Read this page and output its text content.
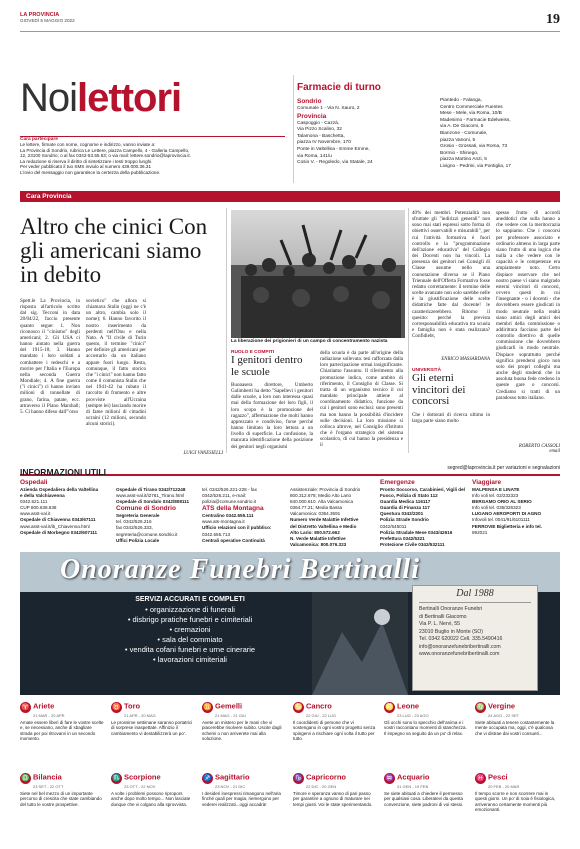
LA PROVINCIA
GIOVEDÌ 5 MAGGIO 2022	19
Noilettori
Cara partecipare
Le lettere, firmate con nome, cognome e indirizzo, vanno inviate a:
La Provincia di Sondrio, rubrica Le Lettere, piazza Campello, 4 - Galleria Campello,
12, 23100 Sondrio; o al fax 0342-53.55.53; o via mail: lettere.sondrio@laprovincia.it.
La redazione si riserva il diritto di sintetizzare i testi troppo lunghi.
Per veder pubblicato il tuo SMS inviulo al numero 439.000.36.31
L'invio del messaggio non garantisce la certezza della pubblicazione.
Farmacie di turno
Sondrio
Comunale 1 - Via N. Sauro, 2
Provincia
Caspoggio - Cazzà,
Via Pizzo Scalino, 32
Talamona - Baschetta,
piazza IV Novembre, 170
Ponte in Valtellina - Emme Emme,
via Roma, 141/u
Cosio V. - Regoledo, via Statale, 24
Piantedo - Falanga,
Centro Commerciale Fuentes
Mese - Mele, via Roma, 10/B
Madesimo - Farmacie Edelweiss,
via A. De Giacomi, 5
Bianzone - Comunale,
piazza Vanoni, 5
Grosio - Grossati, via Roma, 73
Bormio - Shinego,
piazza Martino Anzi, 5
Livigno - Pedrini, via Pontiglia, 17
Cara Provincia
Altro che cinici Con gli americani siamo in debito
Spett.le La Provincia, in risposta all'articolo scritto dal sig. Tecconi in data 28/04/22, faccio presente quanto segue: 1. Non riconosco il "cinismo" degli americani; 2. Gli USA ci hanno aiutato nella guerra del 1915-18; 3. Hanno mandato i loro soldati a combattere i tedeschi e a morire per l'Italia e l'Europa nella seconda Guerra Mondiale; 4. A fine guerra ("i cinici") ci hanno inviato milioni di tonnellate di grano, farina, patate, ecc. attraverso il Piano Marshall; 5. Ci hanno difeso dall'"orso
sovietico" che allora si chiamava Stalin (oggi ne c'è un altro, cambia solo il nome); 6. Hanno favorito il nostro inserimento da perdenti nell'Onu e nella Nato. A "Il civile di Turin questo, il termine "cinici" per definire gli americani per accostarlo da un italiano appare fuori luogo. Resta, comunque, il fatto storico che "i cinici" non hanno fatto come il comunista Stalin che nel 1941-42 ha rubato il raccolto di frumento e altre provviste all'Ucraina (sempre lei) lasciando morire di fame milioni di cittadini ucraini (12 milioni, secondo alcuni storici).
LUIGI VANESIELLI
La liberazione dei prigionieri di un campo di concentramento nazista
RUOLO E COMPITI
I genitori dentro le scuole
Buonasera direttore, Umberto Galimberti ha detto "Sapellevi i genitori dalle scuole, a loro non interessa quasi mai della formazione dei loro figli, il loro scopo è la promozione del ragazzo", affermazione che molti hanno apprezzato e condiviso, forse perché hanno limitato la loro lettura a un livello di superficie. La confusione, la mancata identificazione della posizione dei genitori negli organismi
della scuola è da parte all'origine della radiazione sollevata: tesi rafforzata dalla loro partecipazione ormai insignificante. Chiariamo l'assunto. Il riferimento alla promozione indica, come ambito di riferimento, il Consiglio di Classe. Si tratta di un organismo tecnico il cui mandato principale attiene al coordinamento didattico, funzione da cui i genitori sono esclusi: sono presenti ma non hanno la possibilità d'incidere sulle decisioni. La loro missione si colloca altrove, nel Consiglio d'Istituto che è l'organo strategico del sistema scolastico, di cui hanno la presidenza e il
40% dei membri. Potenzialità non sfruttate gli "indirizzi generali" non sono mai stati espressi sotto forma di obiettivi osservabili e misurabili", per cui l'attività formativa è fuori controllo e la "programmazione dell'azione educativa" del Collegio dei Docenti non ha vincoli. La presenza dei genitori nei Consigli di Classe assume nello una connotazione diversa se il Piano Triennale dell'Offerta Formativa fosse redatto correttamente: il termine delle scelte avanzate non solo sarebbe nelle è la giustificazione delle scelte didattiche fatte dal docente! le caratterizzerebbero. Ritorno il quesito: perché la prevista corresponsabilità educativa tra scuola e famiglia non è stata realizzata? Confidiebt,
ENRICO MASSARDANA
UNIVERSITÀ
Gli eterni vincitori dei concorsi
Che i dottorati di ricerca ultimo in larga parte siano molto
spesso frutto di accordi aneddotici che sulla hanno a che vedere con la meritocrazia lo sappiamo. Che i concorsi per professore associato e ordinario almeno in larga parte siano frutto di una logica che nulla a che vedere con le capacità e le competenze era ampiamente noto. Certo dispiace osservare che nel nostro paese vi siano malgrado esterni vincitori di concorsi, ovvero questi in cui l'insegnante - o i docenti - che dovrebbero essere giudicati in modo neutrale nella realtà siano amici degli amici dei membri della commissione o addirittura facciano parte del controllo direttivo di quelle commissione che dovrebbero giudicarli in modo neutrale. Dispiace soprattutto perché significa prendersi gioco non solo dei propri colleghi ma anche degli studenti che in assoluta buona fede credono in queste gare o concorsi. Crediamo si tratti di un paradosso tutto italiano.
ROBERTO CASSOLI
email
INFORMAZIONI UTILI	segred@laprovincia.it per variazioni e segnalazioni
Ospedali
Azienda Ospedaliera della Valtellina e della Valchiavenna
0342.521.111
CUP 800.638.638
www.asst-val.it
Ospedale di Chiavenna 0343/67111
www.asst-val.it/ib_Chiavenna.html
Ospedale di Morbegno 0342/607111
Ospedale di Tirano 0342/712248
www.asst-val.it/i2761_Tirano.html
Ospedale di Sondalo 0342/808111
Comune di Sondrio
Segreteria Generale
tel. 0342/526.216
fax 0342/526.333,
segreteria@comune.sondrio.it
Uffici Polizia Locale
tel. 0342/526.221-228 - fax
0342/526.211, e-mail:
polizia@comune.sondrio.it
ATS della Montagna
Centralino 0342.555.111
www.ats-montagna.it
Ufficio relazioni con il pubblico:
0342.555.713
Centrali operative Continuità
Assistenziale: Provincia di Sondrio
800.312.678; Medio Alto Lario
840.000.610. Alta Valcamonica
0364.77.21; Media Bassa
Valcamonica: 0364.3691
Numero Verde Malattie Infettive
del Distretto Valtellina e Medio
Alto Lario: 800.572.662
N. Verde Malattie Infettive
Valcamonica: 800.076.323
Emergenze
Pronto Soccorso, Carabinieri, Vigili del Fuoco, Polizia di Stato 112
Guardia Medica 116117
Guardia di Finanza 117
Questura 0342/2201
Polizia Strade Sondrio
0342/545011
Polizia Stradale Mese 0343/42616
Prefettura 0342/5321
Protezione Civile 0342/532111
Viaggiare
MALPENSA E LINATE
Info voli tel. 02/232323
BERGAMO ORIO AL SERIO
Info voli tel. 035/326323
LUGANO AEROPORTI DI AGNO
Infovoli tel. 0041/91/6101111
FERROVIE Biglietteria e info tel.
892021
Onoranze Funebri Bertinalli
SERVIZI ACCURATI E COMPLETI
• organizzazione di funerali
• disbrigo pratiche funebri e cimiteriali
• cremazioni
• sala del commiato
• vendita cofani funebri e urne cinerarie
• lavorazioni cimiteriali
Dal 1988
Bertinalli Onoranze Funebri
di Bertinalli Giacomo
Via P. L. Nervi, 55
23010 Buglio in Monte (SO)
Tel. 0342 620022 Cell. 335.5490416
info@onoranzefunebribertinalli.com
www.onoranzefunebribertinalli.com
♈ Ariete
21 MAR - 20 APR
Amate essere liberi di fare le vostre scelte e, se necessario, anche di sbagliare strada per poi ritrovarvi in un secondo momento.
♉ Toro
21 APR - 20 MAG
Le prossime settimane saranno portatrici di sorprese inaspettate. Affinizio il cambiamento vi destabilizzerà un po'.
♊ Gemelli
21 MAG - 21 GIU
Avete un mistero per le mani che vi piacerebbe risolvere subito. Uscite dagli schemi o non arriverete mai alla soluzione.
♋ Cancro
22 GIU - 22 LUG
Il coordidenti di persone che vi sostengano in ogni vostro progetto senza spingervi a rischiare ogni volta il tutto per tutto.
♌ Leone
23 LUG - 23 AGO
Gli occhi sono lo specchio dell'anima e i vostri raccontano momenti di stanchezza. Il impegno va seguito da un po' di relax.
♍ Vergine
24 AGO - 22 SET
Siete abituati a tenere costantemente la mente occupata ma, oggi, c'è qualcosa che vi distrae dai vostri consueti...
♎ Bilancia
23 SET - 22 OTT
Siete nel bel mezzo di un importante percorso di crescita che state cambiando del tutto le vostre prospettive.
♏ Scorpione
23 OTT - 22 NOV
A volte i problemi possono ripropors anche dopo molto tempo... Non lasciate dunque che vi colgano alla sprovvista.
♐ Sagittario
23 NOV - 21 DIC
I desideri inespressi rimangono nell'aria finché quali per magia, riemergono per vederei realizzati...oggi accadrà!
♑ Capricorno
22 DIC - 20 GEN
Timore e speranza vanno di pari passo per garantire a ognuno di maturare nei tempi giusti. Voi le state sperimentando.
♒ Acquario
21 GEN - 19 FEB
Se siete abituati a chiedere il permesso per qualsiasi cosa. Liberatevi da questa convenzione, siete padroni di voi stessi.
♓ Pesci
20 FEB - 20 MAR
Il tempo scorre e non scorrere mai in questi giorni. Un po' di noia è fisiologica, arriveranno certamente momenti più emozionanti.
